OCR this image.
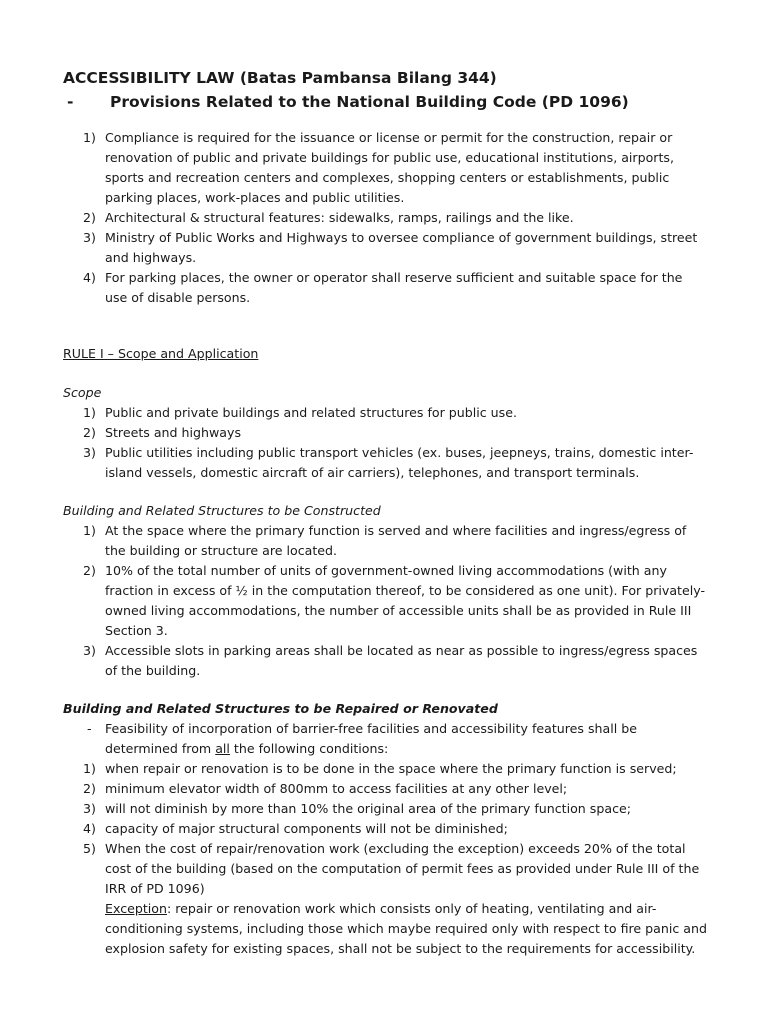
ACCESSIBILITY LAW (Batas Pambansa Bilang 344)
-	Provisions Related to the National Building Code (PD 1096)
1) Compliance is required for the issuance or license or permit for the construction, repair or renovation of public and private buildings for public use, educational institutions, airports, sports and recreation centers and complexes, shopping centers or establishments, public parking places, work-places and public utilities.
2) Architectural & structural features: sidewalks, ramps, railings and the like.
3) Ministry of Public Works and Highways to oversee compliance of government buildings, street and highways.
4) For parking places, the owner or operator shall reserve sufficient and suitable space for the use of disable persons.
RULE I – Scope and Application
Scope
1) Public and private buildings and related structures for public use.
2) Streets and highways
3) Public utilities including public transport vehicles (ex. buses, jeepneys, trains, domestic inter-island vessels, domestic aircraft of air carriers), telephones, and transport terminals.
Building and Related Structures to be Constructed
1) At the space where the primary function is served and where facilities and ingress/egress of the building or structure are located.
2) 10% of the total number of units of government-owned living accommodations (with any fraction in excess of ½ in the computation thereof, to be considered as one unit). For privately-owned living accommodations, the number of accessible units shall be as provided in Rule III Section 3.
3) Accessible slots in parking areas shall be located as near as possible to ingress/egress spaces of the building.
Building and Related Structures to be Repaired or Renovated
-	Feasibility of incorporation of barrier-free facilities and accessibility features shall be determined from all the following conditions:
1) when repair or renovation is to be done in the space where the primary function is served;
2) minimum elevator width of 800mm to access facilities at any other level;
3) will not diminish by more than 10% the original area of the primary function space;
4) capacity of major structural components will not be diminished;
5) When the cost of repair/renovation work (excluding the exception) exceeds 20% of the total cost of the building (based on the computation of permit fees as provided under Rule III of the IRR of PD 1096)
Exception: repair or renovation work which consists only of heating, ventilating and air-conditioning systems, including those which maybe required only with respect to fire panic and explosion safety for existing spaces, shall not be subject to the requirements for accessibility.
